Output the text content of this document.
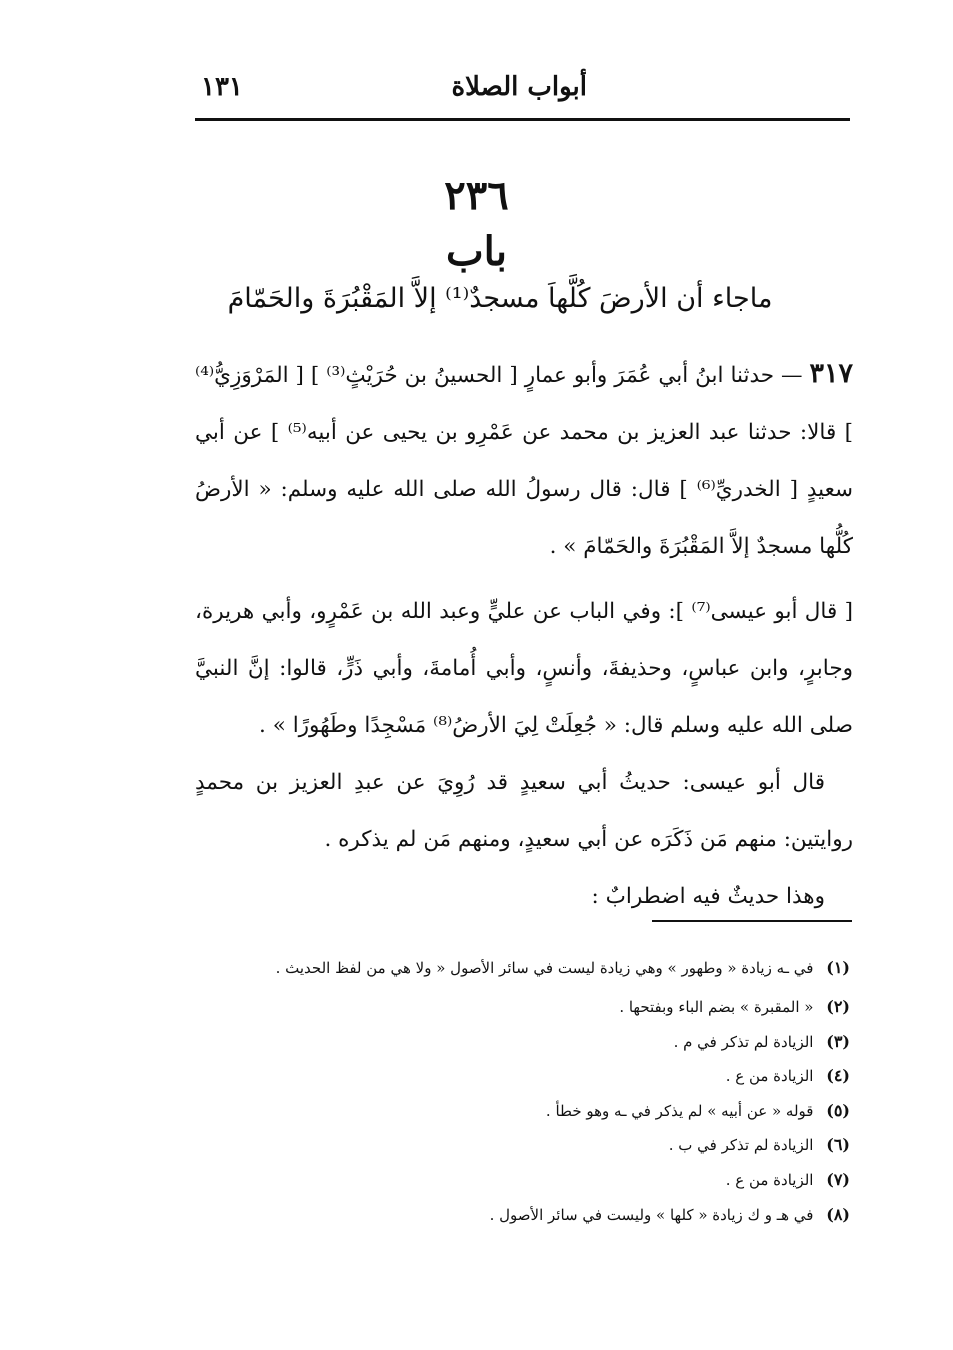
أبواب الصلاة
١٣١
٢٣٦
باب
ماجاء أن الأرضَ كُلَّهاَ مسجدٌ⁽¹⁾ إلاَّ المَقْبُرَةَ والحَمّامَ

٣١٧ — حدثنا ابنُ أبي عُمَرَ وأبو عمارٍ [ الحسينُ بن حُرَيْثٍ⁽³⁾ ] [ المَرْوَزِيُّ⁽⁴⁾ ] قالا: حدثنا عبد العزيز بن محمد عن عَمْرِو بن يحيى عن أبيه⁽⁵⁾ ] عن أبي سعيدٍ [ الخدريِّ⁽⁶⁾ ] قال: قال رسولُ الله صلى الله عليه وسلم: « الأرضُ كُلُّها مسجدٌ إلاَّ المَقْبُرَةَ والحَمّامَ » .

[ قال أبو عيسى⁽⁷⁾ ]: وفي الباب عن عليٍّ وعبد الله بن عَمْرٍو، وأبي هريرة، وجابرٍ، وابن عباسٍ، وحذيفةَ، وأنسٍ، وأبي أُمامةَ، وأبي ذَرٍّ، قالوا: إنَّ النبيَّ صلى الله عليه وسلم قال: « جُعِلَتْ لِيَ الأرضُ⁽⁸⁾ مَسْجِدًا وطَهُورًا » .

قال أبو عيسى: حديثُ أبي سعيدٍ قد رُوِيَ عن عبدِ العزيز بن محمدٍ روايتين: منهم مَن ذَكَرَه عن أبي سعيدٍ، ومنهم مَن لم يذكره .

وهذا حديثٌ فيه اضطرابٌ :

(١) في ـه زيادة « وطهور » وهي زيادة ليست في سائر الأصول « ولا هي من لفظ الحديث .

(٢) « المقبرة » بضم الباء وبفتحها .

(٣) الزيادة لم تذكر في م .

(٤) الزيادة من ع .

(٥) قوله « عن أبيه » لم يذكر في ـه وهو خطأ .

(٦) الزيادة لم تذكر في ب .

(٧) الزيادة من ع .

(٨) في هـ و ك زيادة « كلها » وليست في سائر الأصول .
